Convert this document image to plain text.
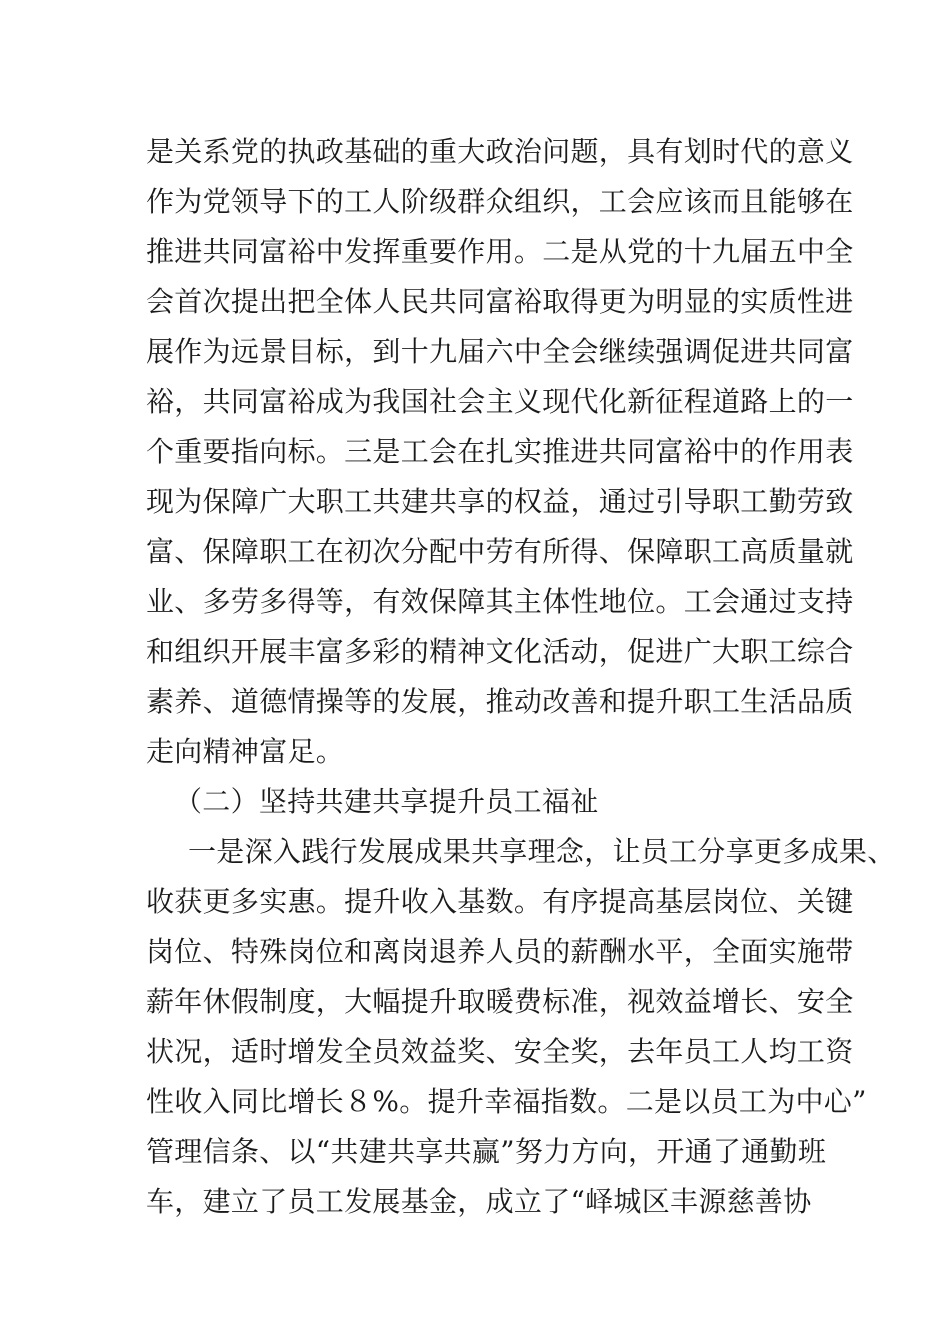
是关系党的执政基础的重大政治问题，具有划时代的意义
作为党领导下的工人阶级群众组织，工会应该而且能够在
推进共同富裕中发挥重要作用。二是从党的十九届五中全
会首次提出把全体人民共同富裕取得更为明显的实质性进
展作为远景目标，到十九届六中全会继续强调促进共同富
裕，共同富裕成为我国社会主义现代化新征程道路上的一
个重要指向标。三是工会在扎实推进共同富裕中的作用表
现为保障广大职工共建共享的权益，通过引导职工勤劳致
富、保障职工在初次分配中劳有所得、保障职工高质量就
业、多劳多得等，有效保障其主体性地位。工会通过支持
和组织开展丰富多彩的精神文化活动，促进广大职工综合
素养、道德情操等的发展，推动改善和提升职工生活品质
走向精神富足。
（二）坚持共建共享提升员工福祉
一是深入践行发展成果共享理念，让员工分享更多成果、
收获更多实惠。提升收入基数。有序提高基层岗位、关键
岗位、特殊岗位和离岗退养人员的薪酬水平，全面实施带
薪年休假制度，大幅提升取暖费标准，视效益增长、安全
状况，适时增发全员效益奖、安全奖，去年员工人均工资
性收入同比增长８%。提升幸福指数。二是以员工为中心”
管理信条、以“共建共享共赢”努力方向，开通了通勤班
车，建立了员工发展基金，成立了“峄城区丰源慈善协
